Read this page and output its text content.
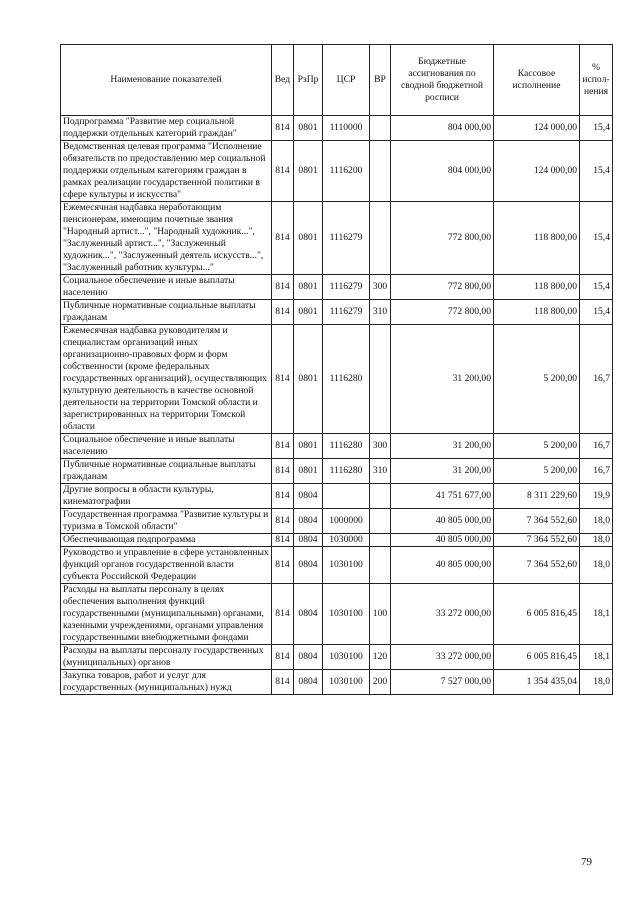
Наименование показателей	Вед	РзПр	ЦСР	ВР	Бюджетные ассигнования по сводной бюджетной росписи	Кассовое исполнение	% испол-нения
Подпрограмма "Развитие мер социальной поддержки отдельных категорий граждан"	814	0801	1110000		804 000,00	124 000,00	15,4
Ведомственная целевая программа "Исполнение обязательств по предоставлению мер социальной поддержки отдельным категориям граждан в рамках реализации государственной политики в сфере культуры и искусства"	814	0801	1116200		804 000,00	124 000,00	15,4
Ежемесячная надбавка неработающим пенсионерам, имеющим почетные звания "Народный артист...", "Народный художник...", "Заслуженный артист...", "Заслуженный художник...", "Заслуженный деятель искусств...", "Заслуженный работник культуры..."	814	0801	1116279		772 800,00	118 800,00	15,4
Социальное обеспечение и иные выплаты населению	814	0801	1116279	300	772 800,00	118 800,00	15,4
Публичные нормативные социальные выплаты гражданам	814	0801	1116279	310	772 800,00	118 800,00	15,4
Ежемесячная надбавка руководителям и специалистам организаций иных организационно-правовых форм и форм собственности (кроме федеральных государственных организаций), осуществляющих культурную деятельность в качестве основной деятельности на территории Томской области и зарегистрированных на территории Томской области	814	0801	1116280		31 200,00	5 200,00	16,7
Социальное обеспечение и иные выплаты населению	814	0801	1116280	300	31 200,00	5 200,00	16,7
Публичные нормативные социальные выплаты гражданам	814	0801	1116280	310	31 200,00	5 200,00	16,7
Другие вопросы в области культуры, кинематографии	814	0804			41 751 677,00	8 311 229,60	19,9
Государственная программа "Развитие культуры и туризма в Томской области"	814	0804	1000000		40 805 000,00	7 364 552,60	18,0
Обеспечивающая подпрограмма	814	0804	1030000		40 805 000,00	7 364 552,60	18,0
Руководство и управление в сфере установленных функций органов государственной власти субъекта Российской Федерации	814	0804	1030100		40 805 000,00	7 364 552,60	18,0
Расходы на выплаты персоналу в целях обеспечения выполнения функций государственными (муниципальными) органами, казенными учреждениями, органами управления государственными внебюджетными фондами	814	0804	1030100	100	33 272 000,00	6 005 816,45	18,1
Расходы на выплаты персоналу государственных (муниципальных) органов	814	0804	1030100	120	33 272 000,00	6 005 816,45	18,1
Закупка товаров, работ и услуг для государственных (муниципальных) нужд	814	0804	1030100	200	7 527 000,00	1 354 435,04	18,0
79
